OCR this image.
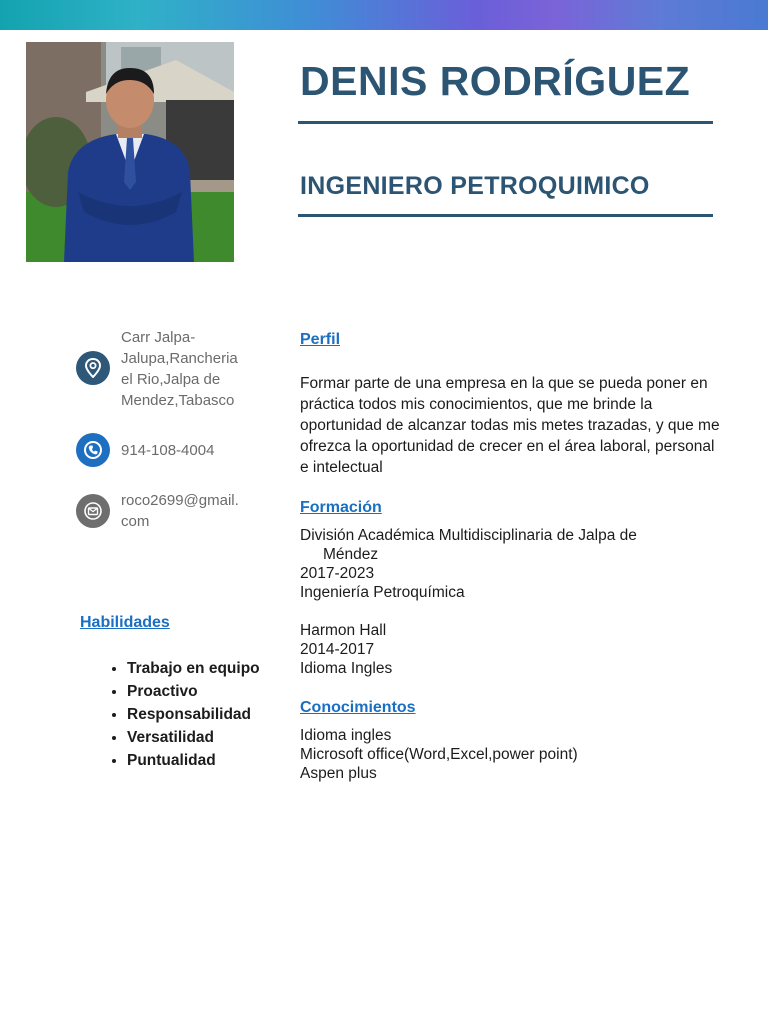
DENIS RODRÍGUEZ
INGENIERO PETROQUIMICO
Carr Jalpa-
Jalupa,Rancheria
el Rio,Jalpa de
Mendez,Tabasco
914-108-4004
roco2699@gmail.
com
Habilidades
• Trabajo en equipo
• Proactivo
• Responsabilidad
• Versatilidad
• Puntualidad
Perfil
Formar parte de una empresa en la que se pueda poner en práctica todos mis conocimientos, que me brinde la oportunidad de alcanzar todas mis metes trazadas, y que me ofrezca la oportunidad de crecer en el área laboral, personal e intelectual
Formación
División Académica Multidisciplinaria de Jalpa de
Méndez
2017-2023
Ingeniería Petroquímica
Harmon Hall
2014-2017
Idioma Ingles
Conocimientos
Idioma ingles
Microsoft office(Word,Excel,power point)
Aspen plus
